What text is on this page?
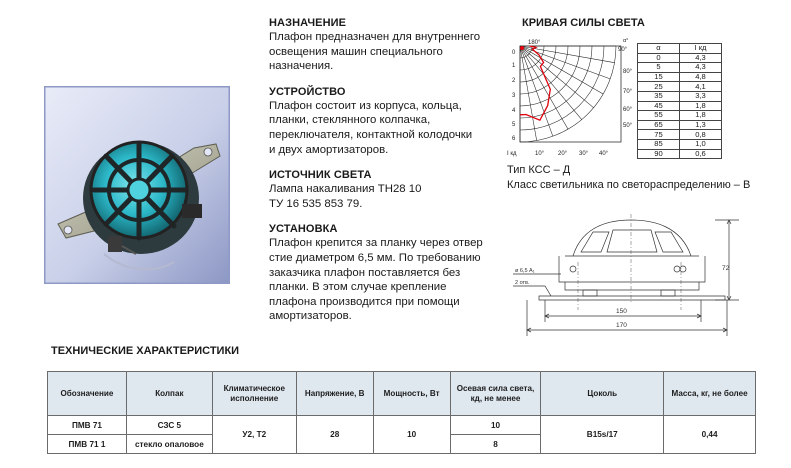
НАЗНАЧЕНИЕ
Плафон предназначен для внутреннего
освещения машин специального
назначения.
УСТРОЙСТВО
Плафон состоит из корпуса, кольца,
планки, стеклянного колпачка,
переключателя, контактной колодочки
и двух амортизаторов.
ИСТОЧНИК СВЕТА
Лампа накаливания ТН28 10
ТУ 16 535 853 79.
УСТАНОВКА
Плафон крепится за планку через отвер
стие диаметром 6,5 мм. По требованию
заказчика плафон поставляется без
планки. В этом случае крепление
плафона производится при помощи
амортизаторов.
КРИВАЯ СИЛЫ СВЕТА
180°
90°
α°
80°
70°
60°
50°
0
1
2
3
4
5
6
I кд	10° 20° 30° 40°
α	I кд
0	4,3
5	4,3
15	4,8
25	4,1
35	3,3
45	1,8
55	1,8
65	1,3
75	0,8
85	1,0
90	0,6
Тип КСС – Д
Класс светильника по светораспределению – B
72
150
170
ø 6,5 А₁
2 отв.
ТЕХНИЧЕСКИЕ ХАРАКТЕРИСТИКИ
Обозначение	Колпак	Климатическое исполнение	Напряжение, В	Мощность, Вт	Осевая сила света, кд, не менее	Цоколь	Масса, кг, не более
ПМВ 71	СЗС 5	У2, Т2	28	10	10	B15s/17	0,44
ПМВ 71 1	стекло опаловое				8		
